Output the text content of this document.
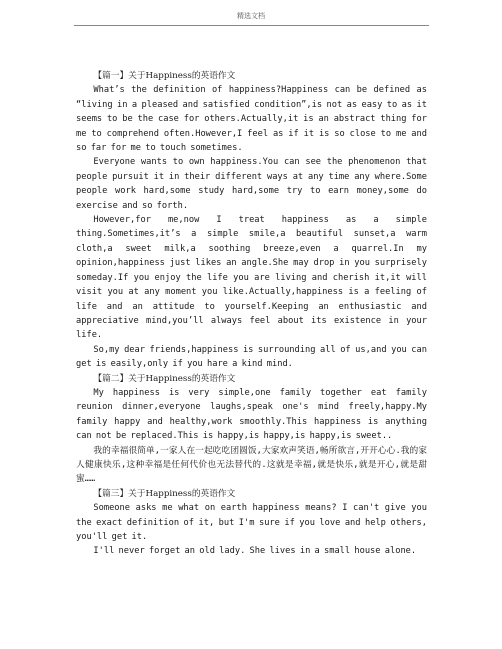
精选文档

【篇一】关于Happiness的英语作文

What’s the definition of happiness?Happiness can be defined as “living in a pleased and satisfied condition”,is not as easy to as it seems to be the case for others.Actually,it is an abstract thing for me to comprehend often.However,I feel as if it is so close to me and so far for me to touch sometimes.

Everyone wants to own happiness.You can see the phenomenon that people pursuit it in their different ways at any time any where.Some people work hard,some study hard,some try to earn money,some do exercise and so forth.

However,for me,now I treat happiness as a simple thing.Sometimes,it’s a simple smile,a beautiful sunset,a warm cloth,a sweet milk,a soothing breeze,even a quarrel.In my opinion,happiness just likes an angle.She may drop in you surprisely someday.If you enjoy the life you are living and cherish it,it will visit you at any moment you like.Actually,happiness is a feeling of life and an attitude to yourself.Keeping an enthusiastic and appreciative mind,you’ll always feel about its existence in your life.

So,my dear friends,happiness is surrounding all of us,and you can get is easily,only if you hare a kind mind.

【篇二】关于Happiness的英语作文

My happiness is very simple,one family together eat family reunion dinner,everyone laughs,speak one's mind freely,happy.My family happy and healthy,work smoothly.This happiness is anything can not be replaced.This is happy,is happy,is happy,is sweet..

我的幸福很简单,一家人在一起吃吃团圆饭,大家欢声笑语,畅所欲言,开开心心.我的家人健康快乐,这种幸福是任何代价也无法替代的.这就是幸福,就是快乐,就是开心,就是甜蜜……

【篇三】关于Happiness的英语作文

Someone asks me what on earth happiness means? I can't give you the exact definition of it, but I'm sure if you love and help others, you'll get it.

I'll never forget an old lady. She lives in a small house alone.
